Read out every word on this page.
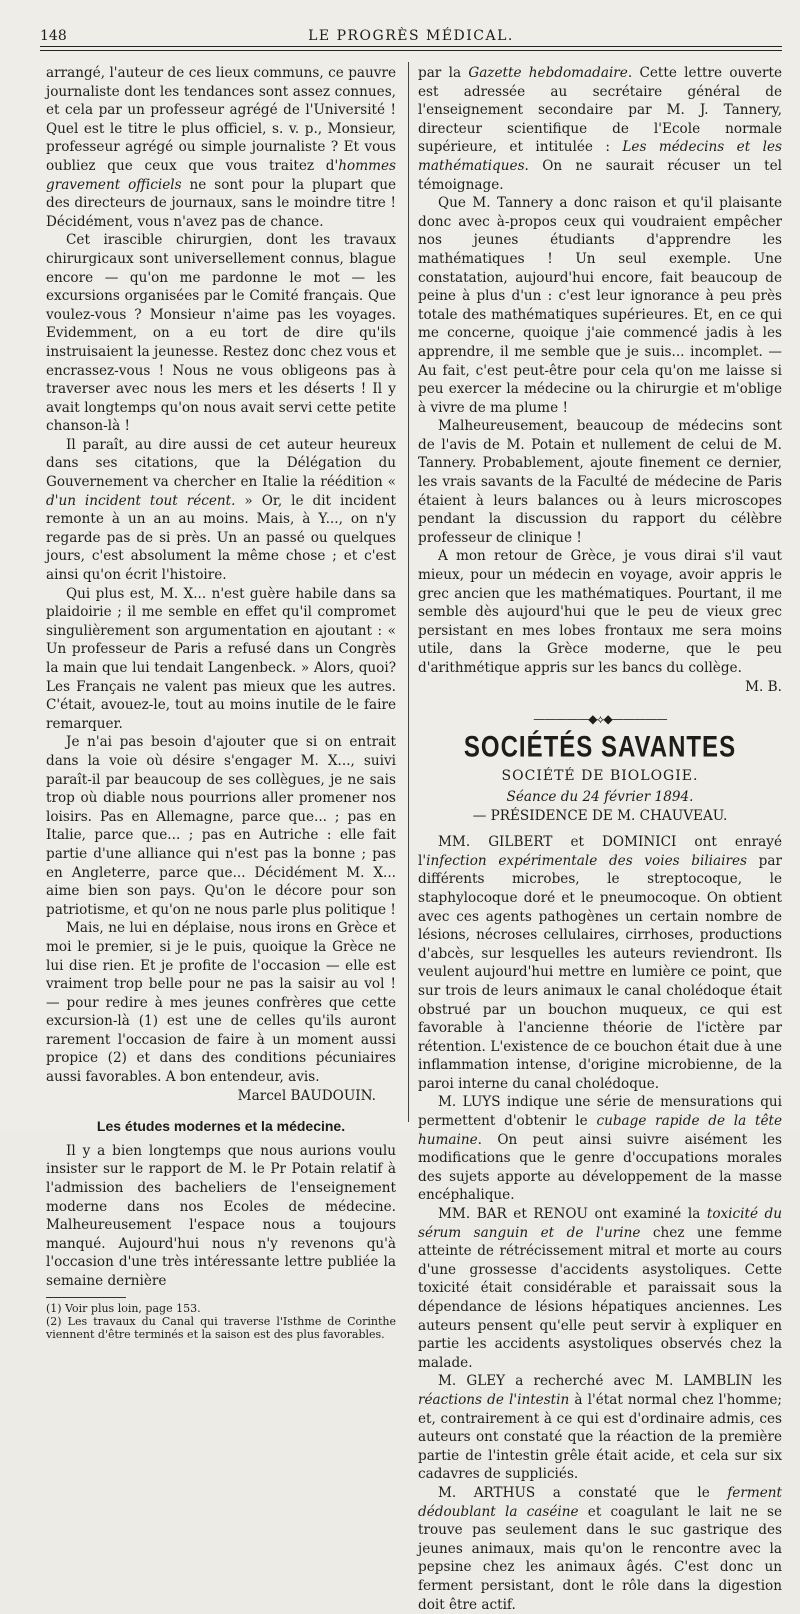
148	LE PROGRÈS MÉDICAL.

arrangé, l'auteur de ces lieux communs, ce pauvre journaliste dont les tendances sont assez connues, et cela par un professeur agrégé de l'Université ! Quel est le titre le plus officiel, s. v. p., Monsieur, professeur agrégé ou simple journaliste ? Et vous oubliez que ceux que vous traitez d'hommes gravement officiels ne sont pour la plupart que des directeurs de journaux, sans le moindre titre ! Décidément, vous n'avez pas de chance.

Cet irascible chirurgien, dont les travaux chirurgicaux sont universellement connus, blague encore — qu'on me pardonne le mot — les excursions organisées par le Comité français. Que voulez-vous ? Monsieur n'aime pas les voyages. Evidemment, on a eu tort de dire qu'ils instruisaient la jeunesse. Restez donc chez vous et encrassez-vous ! Nous ne vous obligeons pas à traverser avec nous les mers et les déserts ! Il y avait longtemps qu'on nous avait servi cette petite chanson-là !

Il paraît, au dire aussi de cet auteur heureux dans ses citations, que la Délégation du Gouvernement va chercher en Italie la réédition « d'un incident tout récent. » Or, le dit incident remonte à un an au moins. Mais, à Y..., on n'y regarde pas de si près. Un an passé ou quelques jours, c'est absolument la même chose ; et c'est ainsi qu'on écrit l'histoire.

Qui plus est, M. X... n'est guère habile dans sa plaidoirie ; il me semble en effet qu'il compromet singulièrement son argumentation en ajoutant : « Un professeur de Paris a refusé dans un Congrès la main que lui tendait Langenbeck. » Alors, quoi? Les Français ne valent pas mieux que les autres. C'était, avouez-le, tout au moins inutile de le faire remarquer.

Je n'ai pas besoin d'ajouter que si on entrait dans la voie où désire s'engager M. X..., suivi paraît-il par beaucoup de ses collègues, je ne sais trop où diable nous pourrions aller promener nos loisirs. Pas en Allemagne, parce que... ; pas en Italie, parce que... ; pas en Autriche : elle fait partie d'une alliance qui n'est pas la bonne ; pas en Angleterre, parce que... Décidément M. X... aime bien son pays. Qu'on le décore pour son patriotisme, et qu'on ne nous parle plus politique !

Mais, ne lui en déplaise, nous irons en Grèce et moi le premier, si je le puis, quoique la Grèce ne lui dise rien. Et je profite de l'occasion — elle est vraiment trop belle pour ne pas la saisir au vol ! — pour redire à mes jeunes confrères que cette excursion-là (1) est une de celles qu'ils auront rarement l'occasion de faire à un moment aussi propice (2) et dans des conditions pécuniaires aussi favorables. A bon entendeur, avis.

Marcel BAUDOUIN.

Les études modernes et la médecine.

Il y a bien longtemps que nous aurions voulu insister sur le rapport de M. le Pr Potain relatif à l'admission des bacheliers de l'enseignement moderne dans nos Ecoles de médecine. Malheureusement l'espace nous a toujours manqué. Aujourd'hui nous n'y revenons qu'à l'occasion d'une très intéressante lettre publiée la semaine dernière

(1) Voir plus loin, page 153.

(2) Les travaux du Canal qui traverse l'Isthme de Corinthe viennent d'être terminés et la saison est des plus favorables.

par la Gazette hebdomadaire. Cette lettre ouverte est adressée au secrétaire général de l'enseignement secondaire par M. J. Tannery, directeur scientifique de l'Ecole normale supérieure, et intitulée : Les médecins et les mathématiques. On ne saurait récuser un tel témoignage.

Que M. Tannery a donc raison et qu'il plaisante donc avec à-propos ceux qui voudraient empêcher nos jeunes étudiants d'apprendre les mathématiques ! Un seul exemple. Une constatation, aujourd'hui encore, fait beaucoup de peine à plus d'un : c'est leur ignorance à peu près totale des mathématiques supérieures. Et, en ce qui me concerne, quoique j'aie commencé jadis à les apprendre, il me semble que je suis... incomplet. — Au fait, c'est peut-être pour cela qu'on me laisse si peu exercer la médecine ou la chirurgie et m'oblige à vivre de ma plume !

Malheureusement, beaucoup de médecins sont de l'avis de M. Potain et nullement de celui de M. Tannery. Probablement, ajoute finement ce dernier, les vrais savants de la Faculté de médecine de Paris étaient à leurs balances ou à leurs microscopes pendant la discussion du rapport du célèbre professeur de clinique !

A mon retour de Grèce, je vous dirai s'il vaut mieux, pour un médecin en voyage, avoir appris le grec ancien que les mathématiques. Pourtant, il me semble dès aujourd'hui que le peu de vieux grec persistant en mes lobes frontaux me sera moins utile, dans la Grèce moderne, que le peu d'arithmétique appris sur les bancs du collège.

M. B.

—————◆⟡◆—————
SOCIÉTÉS SAVANTES
SOCIÉTÉ DE BIOLOGIE.
Séance du 24 février 1894.
— PRÉSIDENCE DE M. CHAUVEAU.

MM. GILBERT et DOMINICI ont enrayé l'infection expérimentale des voies biliaires par différents microbes, le streptocoque, le staphylocoque doré et le pneumocoque. On obtient avec ces agents pathogènes un certain nombre de lésions, nécroses cellulaires, cirrhoses, productions d'abcès, sur lesquelles les auteurs reviendront. Ils veulent aujourd'hui mettre en lumière ce point, que sur trois de leurs animaux le canal cholédoque était obstrué par un bouchon muqueux, ce qui est favorable à l'ancienne théorie de l'ictère par rétention. L'existence de ce bouchon était due à une inflammation intense, d'origine microbienne, de la paroi interne du canal cholédoque.

M. LUYS indique une série de mensurations qui permettent d'obtenir le cubage rapide de la tête humaine. On peut ainsi suivre aisément les modifications que le genre d'occupations morales des sujets apporte au développement de la masse encéphalique.

MM. BAR et RENOU ont examiné la toxicité du sérum sanguin et de l'urine chez une femme atteinte de rétrécissement mitral et morte au cours d'une grossesse d'accidents asystoliques. Cette toxicité était considérable et paraissait sous la dépendance de lésions hépatiques anciennes. Les auteurs pensent qu'elle peut servir à expliquer en partie les accidents asystoliques observés chez la malade.

M. GLEY a recherché avec M. LAMBLIN les réactions de l'intestin à l'état normal chez l'homme; et, contrairement à ce qui est d'ordinaire admis, ces auteurs ont constaté que la réaction de la première partie de l'intestin grêle était acide, et cela sur six cadavres de suppliciés.

M. ARTHUS a constaté que le ferment dédoublant la caséine et coagulant le lait ne se trouve pas seulement dans le suc gastrique des jeunes animaux, mais qu'on le rencontre avec la pepsine chez les animaux âgés. C'est donc un ferment persistant, dont le rôle dans la digestion doit être actif.
